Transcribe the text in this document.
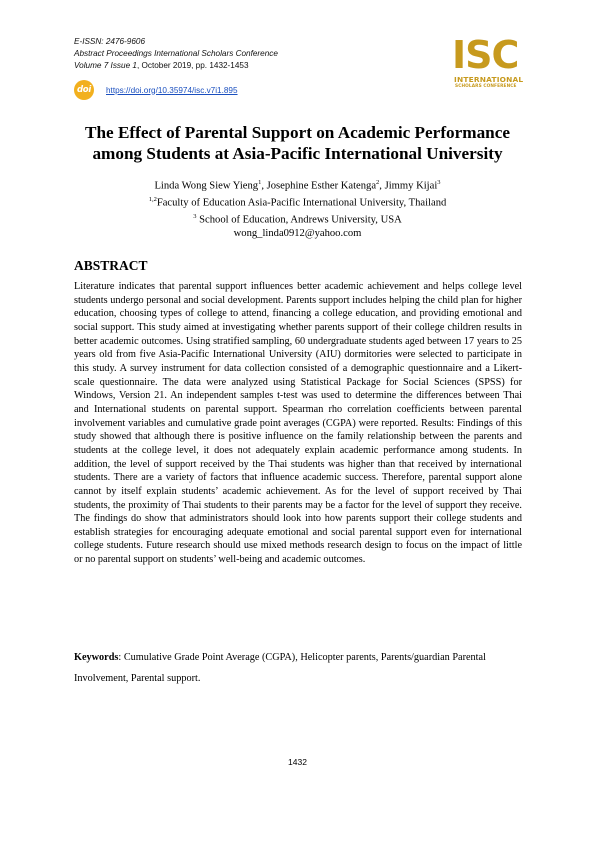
E-ISSN: 2476-9606
Abstract Proceedings International Scholars Conference
Volume 7 Issue 1, October 2019, pp. 1432-1453
doi https://doi.org/10.35974/isc.v7i1.895
ISC
INTERNATIONAL
SCHOLARS CONFERENCE
The Effect of Parental Support on Academic Performance
among Students at Asia-Pacific International University
Linda Wong Siew Yieng$^1$, Josephine Esther Katenga$^2$, Jimmy Kijai$^3$
$^{1,2}$Faculty of Education Asia-Pacific International University, Thailand
$^3$ School of Education, Andrews University, USA
wong_linda0912@yahoo.com
ABSTRACT
Literature indicates that parental support influences better academic achievement and helps college level students undergo personal and social development. Parents support includes helping the child plan for higher education, choosing types of college to attend, financing a college education, and providing emotional and social support. This study aimed at investigating whether parents support of their college children results in better academic outcomes. Using stratified sampling, 60 undergraduate students aged between 17 years to 25 years old from five Asia-Pacific International University (AIU) dormitories were selected to participate in this study. A survey instrument for data collection consisted of a demographic questionnaire and a Likert-scale questionnaire. The data were analyzed using Statistical Package for Social Sciences (SPSS) for Windows, Version 21. An independent samples t-test was used to determine the differences between Thai and International students on parental support. Spearman rho correlation coefficients between parental involvement variables and cumulative grade point averages (CGPA) were reported. Results: Findings of this study showed that although there is positive influence on the family relationship between the parents and students at the college level, it does not adequately explain academic performance among students. In addition, the level of support received by the Thai students was higher than that received by international students. There are a variety of factors that influence academic success. Therefore, parental support alone cannot by itself explain students’ academic achievement. As for the level of support received by Thai students, the proximity of Thai students to their parents may be a factor for the level of support they receive. The findings do show that administrators should look into how parents support their college students and establish strategies for encouraging adequate emotional and social parental support even for international college students. Future research should use mixed methods research design to focus on the impact of little or no parental support on students’ well-being and academic outcomes.
Keywords: Cumulative Grade Point Average (CGPA), Helicopter parents, Parents/guardian Parental Involvement, Parental support.
1432
